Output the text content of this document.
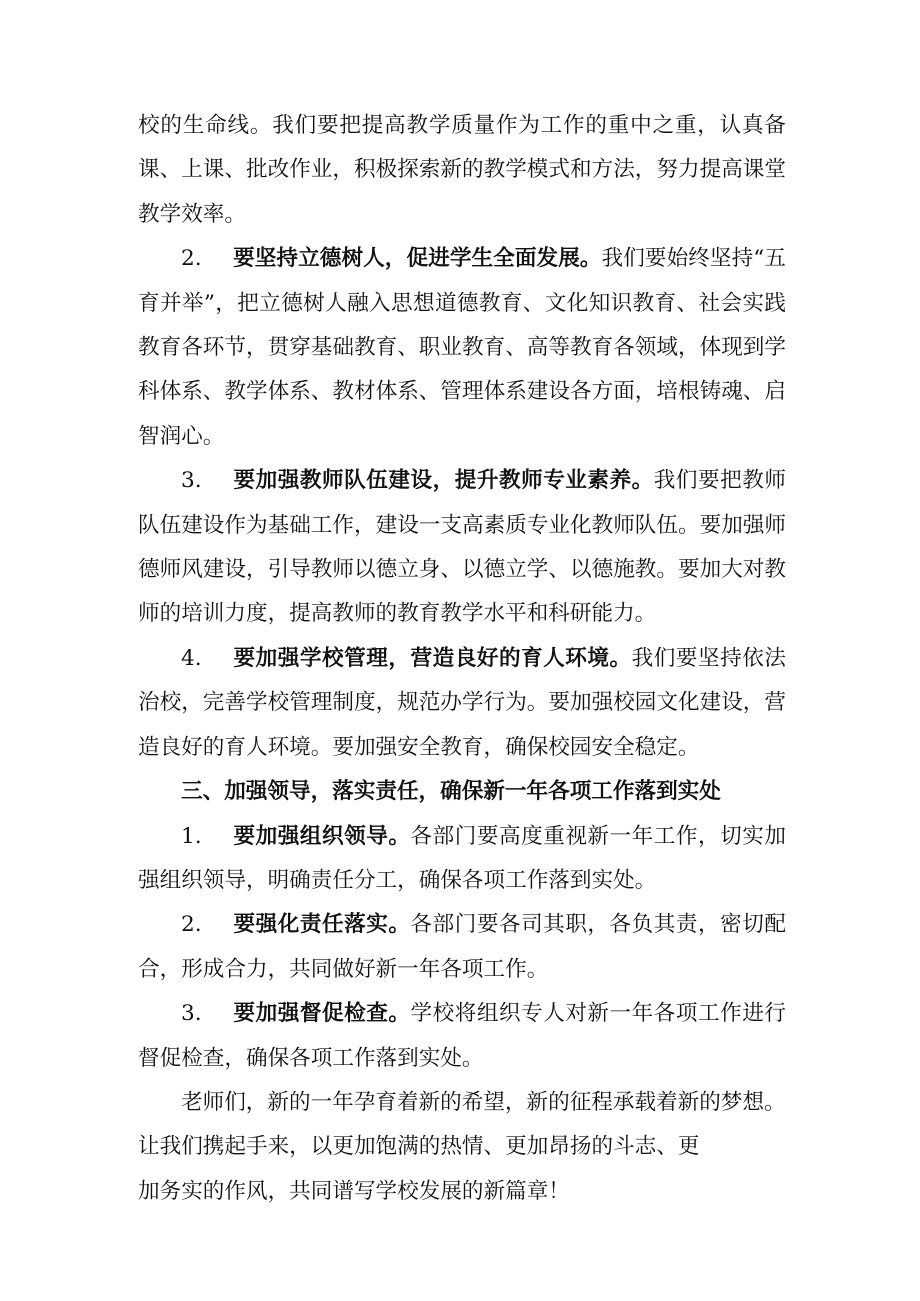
校的生命线。我们要把提高教学质量作为工作的重中之重，认真备课、上课、批改作业，积极探索新的教学模式和方法，努力提高课堂教学效率。

2. 要坚持立德树人，促进学生全面发展。我们要始终坚持“五育并举”，把立德树人融入思想道德教育、文化知识教育、社会实践教育各环节，贯穿基础教育、职业教育、高等教育各领域，体现到学科体系、教学体系、教材体系、管理体系建设各方面，培根铸魂、启智润心。

3. 要加强教师队伍建设，提升教师专业素养。我们要把教师队伍建设作为基础工作，建设一支高素质专业化教师队伍。要加强师德师风建设，引导教师以德立身、以德立学、以德施教。要加大对教师的培训力度，提高教师的教育教学水平和科研能力。

4. 要加强学校管理，营造良好的育人环境。我们要坚持依法治校，完善学校管理制度，规范办学行为。要加强校园文化建设，营造良好的育人环境。要加强安全教育，确保校园安全稳定。

三、加强领导，落实责任，确保新一年各项工作落到实处

1. 要加强组织领导。各部门要高度重视新一年工作，切实加强组织领导，明确责任分工，确保各项工作落到实处。

2. 要强化责任落实。各部门要各司其职，各负其责，密切配合，形成合力，共同做好新一年各项工作。

3. 要加强督促检查。学校将组织专人对新一年各项工作进行督促检查，确保各项工作落到实处。

老师们，新的一年孕育着新的希望，新的征程承载着新的梦想。
让我们携起手来，以更加饱满的热情、更加昂扬的斗志、更
加务实的作风，共同谱写学校发展的新篇章！
